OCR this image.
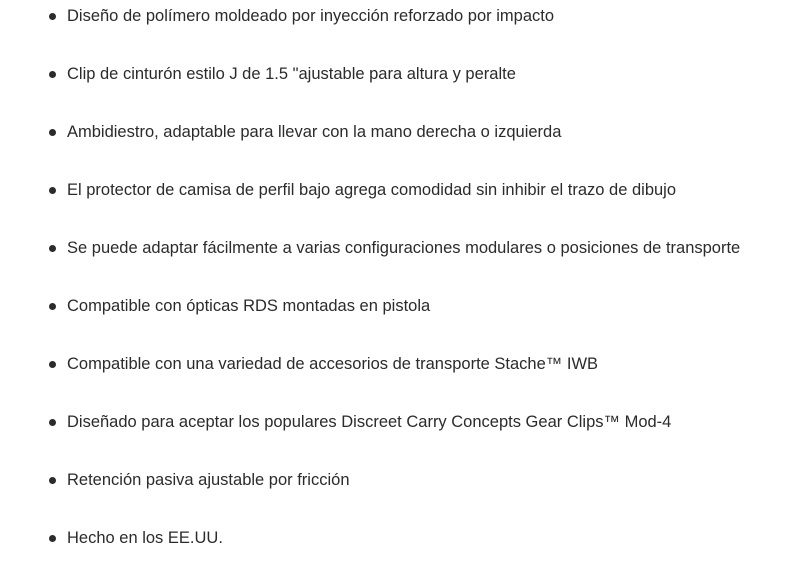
Diseño de polímero moldeado por inyección reforzado por impacto
Clip de cinturón estilo J de 1.5 "ajustable para altura y peralte
Ambidiestro, adaptable para llevar con la mano derecha o izquierda
El protector de camisa de perfil bajo agrega comodidad sin inhibir el trazo de dibujo
Se puede adaptar fácilmente a varias configuraciones modulares o posiciones de transporte
Compatible con ópticas RDS montadas en pistola
Compatible con una variedad de accesorios de transporte Stache™ IWB
Diseñado para aceptar los populares Discreet Carry Concepts Gear Clips™ Mod-4
Retención pasiva ajustable por fricción
Hecho en los EE.UU.
